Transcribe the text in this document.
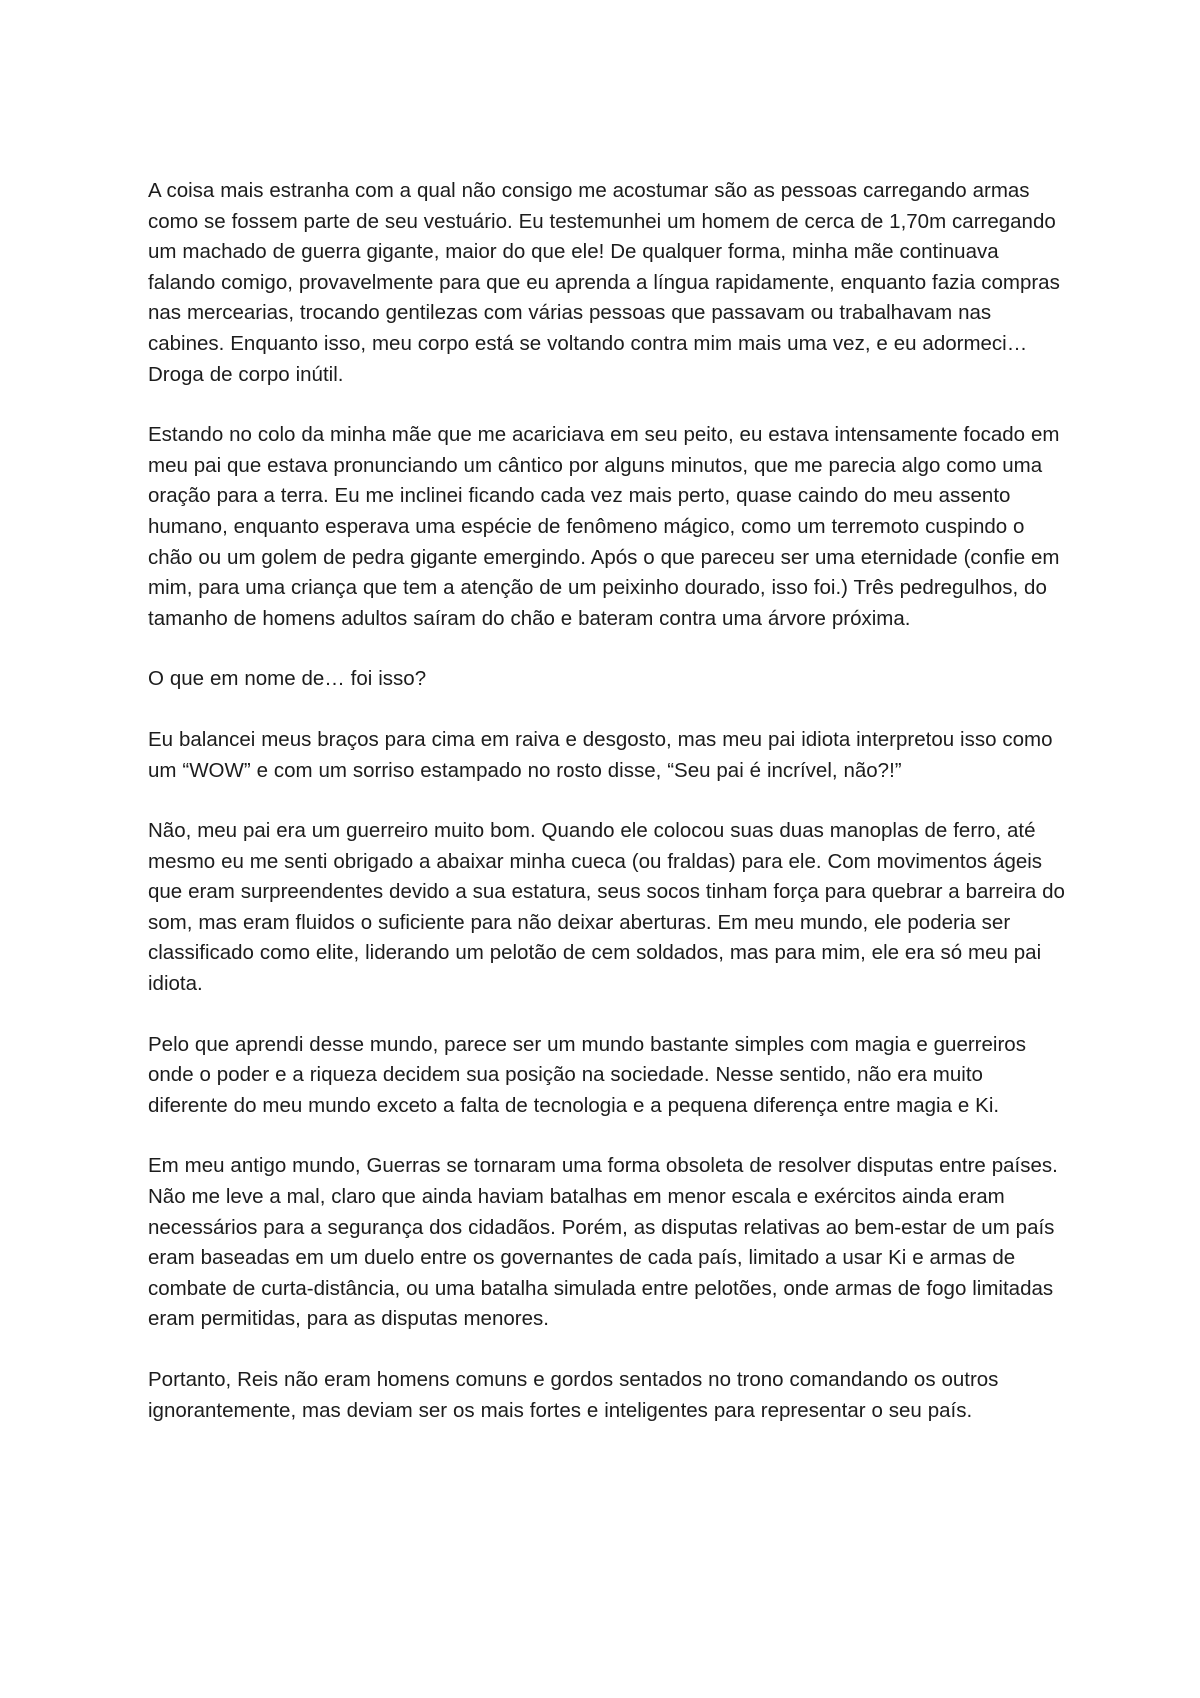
A coisa mais estranha com a qual não consigo me acostumar são as pessoas carregando armas como se fossem parte de seu vestuário. Eu testemunhei um homem de cerca de 1,70m carregando um machado de guerra gigante, maior do que ele! De qualquer forma, minha mãe continuava falando comigo, provavelmente para que eu aprenda a língua rapidamente, enquanto fazia compras nas mercearias, trocando gentilezas com várias pessoas que passavam ou trabalhavam nas cabines. Enquanto isso, meu corpo está se voltando contra mim mais uma vez, e eu adormeci… Droga de corpo inútil.

Estando no colo da minha mãe que me acariciava em seu peito, eu estava intensamente focado em meu pai que estava pronunciando um cântico por alguns minutos, que me parecia algo como uma oração para a terra. Eu me inclinei ficando cada vez mais perto, quase caindo do meu assento humano, enquanto esperava uma espécie de fenômeno mágico, como um terremoto cuspindo o chão ou um golem de pedra gigante emergindo. Após o que pareceu ser uma eternidade (confie em mim, para uma criança que tem a atenção de um peixinho dourado, isso foi.) Três pedregulhos, do tamanho de homens adultos saíram do chão e bateram contra uma árvore próxima.

O que em nome de… foi isso?

Eu balancei meus braços para cima em raiva e desgosto, mas meu pai idiota interpretou isso como um “WOW” e com um sorriso estampado no rosto disse, “Seu pai é incrível, não?!”

Não, meu pai era um guerreiro muito bom. Quando ele colocou suas duas manoplas de ferro, até mesmo eu me senti obrigado a abaixar minha cueca (ou fraldas) para ele. Com movimentos ágeis que eram surpreendentes devido a sua estatura, seus socos tinham força para quebrar a barreira do som, mas eram fluidos o suficiente para não deixar aberturas. Em meu mundo, ele poderia ser classificado como elite, liderando um pelotão de cem soldados, mas para mim, ele era só meu pai idiota.

Pelo que aprendi desse mundo, parece ser um mundo bastante simples com magia e guerreiros onde o poder e a riqueza decidem sua posição na sociedade. Nesse sentido, não era muito diferente do meu mundo exceto a falta de tecnologia e a pequena diferença entre magia e Ki.

Em meu antigo mundo, Guerras se tornaram uma forma obsoleta de resolver disputas entre países. Não me leve a mal, claro que ainda haviam batalhas em menor escala e exércitos ainda eram necessários para a segurança dos cidadãos. Porém, as disputas relativas ao bem-estar de um país eram baseadas em um duelo entre os governantes de cada país, limitado a usar Ki e armas de combate de curta-distância, ou uma batalha simulada entre pelotões, onde armas de fogo limitadas eram permitidas, para as disputas menores.

Portanto, Reis não eram homens comuns e gordos sentados no trono comandando os outros ignorantemente, mas deviam ser os mais fortes e inteligentes para representar o seu país.
